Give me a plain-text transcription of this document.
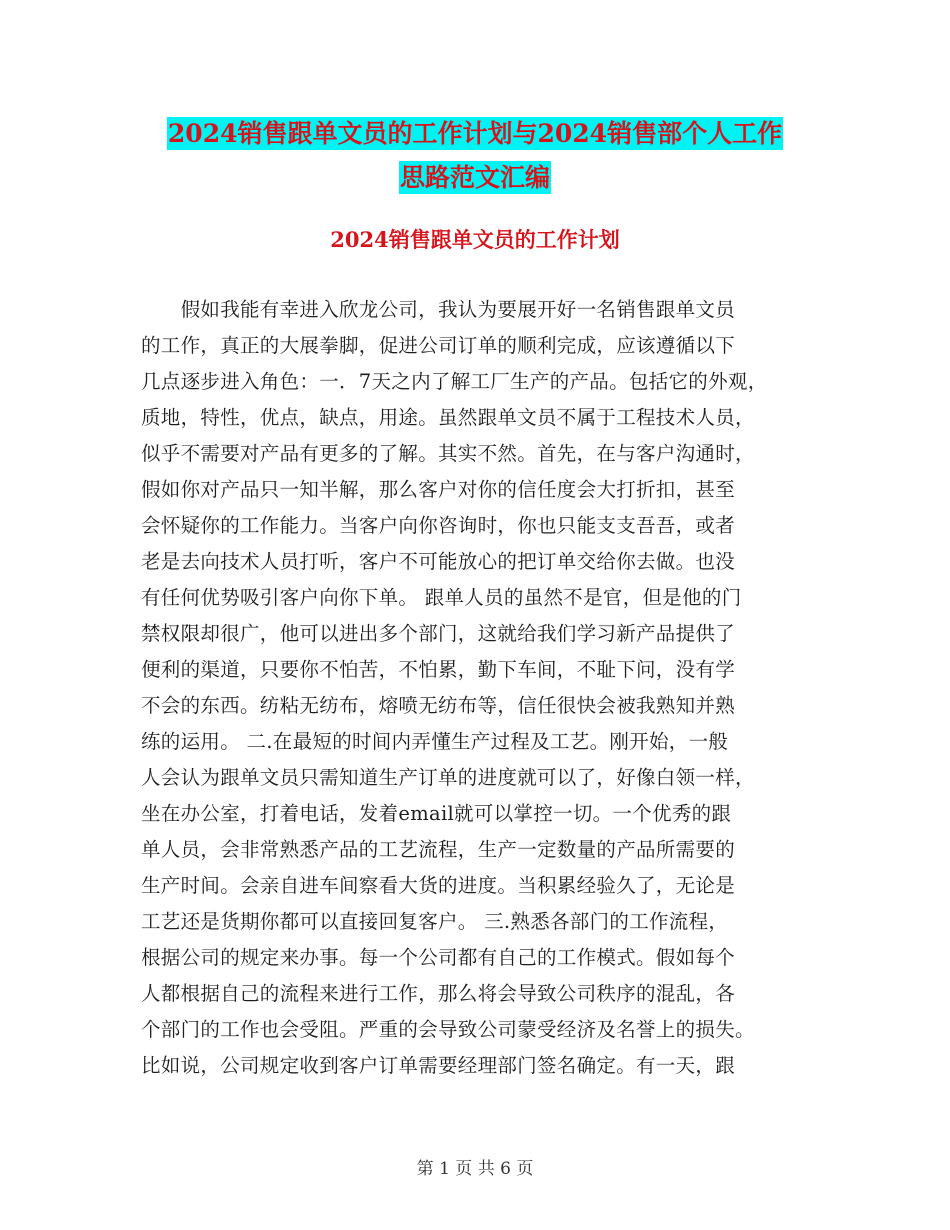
2024销售跟单文员的工作计划与2024销售部个人工作
思路范文汇编
2024销售跟单文员的工作计划
　　假如我能有幸进入欣龙公司，我认为要展开好一名销售跟单文员
的工作，真正的大展拳脚，促进公司订单的顺利完成，应该遵循以下
几点逐步进入角色：一．7天之内了解工厂生产的产品。包括它的外观，
质地，特性，优点，缺点，用途。虽然跟单文员不属于工程技术人员，
似乎不需要对产品有更多的了解。其实不然。首先，在与客户沟通时，
假如你对产品只一知半解，那么客户对你的信任度会大打折扣，甚至
会怀疑你的工作能力。当客户向你咨询时，你也只能支支吾吾，或者
老是去向技术人员打听，客户不可能放心的把订单交给你去做。也没
有任何优势吸引客户向你下单。 跟单人员的虽然不是官，但是他的门
禁权限却很广，他可以进出多个部门，这就给我们学习新产品提供了
便利的渠道，只要你不怕苦，不怕累，勤下车间，不耻下问，没有学
不会的东西。纺粘无纺布，熔喷无纺布等，信任很快会被我熟知并熟
练的运用。 二.在最短的时间内弄懂生产过程及工艺。刚开始，一般
人会认为跟单文员只需知道生产订单的进度就可以了，好像白领一样，
坐在办公室，打着电话，发着email就可以掌控一切。一个优秀的跟
单人员，会非常熟悉产品的工艺流程，生产一定数量的产品所需要的
生产时间。会亲自进车间察看大货的进度。当积累经验久了，无论是
工艺还是货期你都可以直接回复客户。 三.熟悉各部门的工作流程，
根据公司的规定来办事。每一个公司都有自己的工作模式。假如每个
人都根据自己的流程来进行工作，那么将会导致公司秩序的混乱，各
个部门的工作也会受阻。严重的会导致公司蒙受经济及名誉上的损失。
比如说，公司规定收到客户订单需要经理部门签名确定。有一天，跟
第 1 页 共 6 页
